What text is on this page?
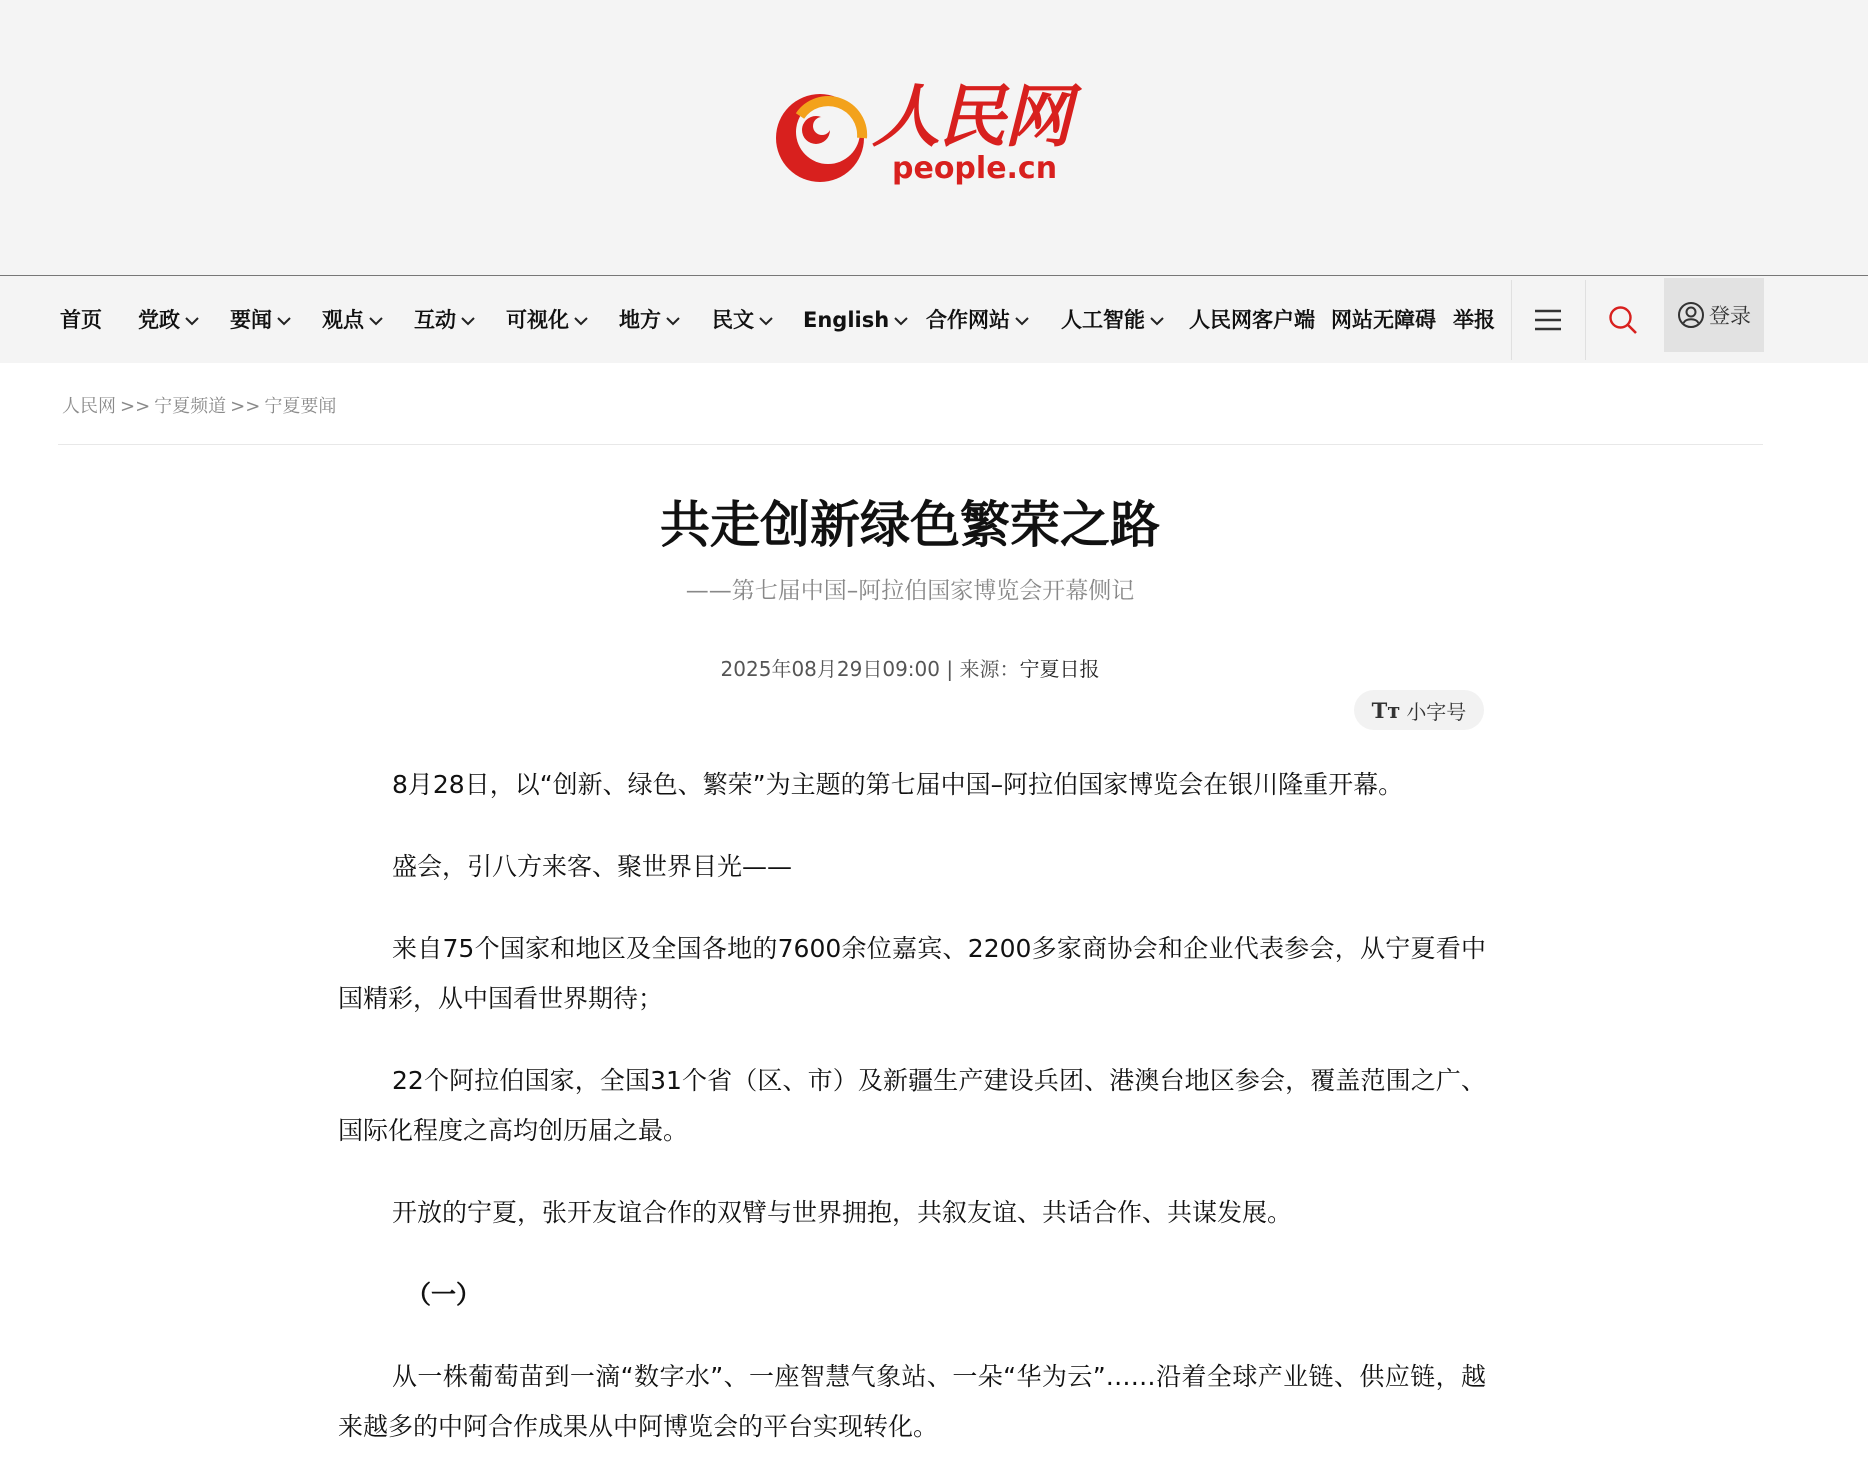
人民网
people.cn
首页 党政	要闻	观点	互动	可视化	地方	民文	English	合作网站	人工智能	人民网客户端 网站无障碍 举报	登录
人民网 >> 宁夏频道 >> 宁夏要闻
共走创新绿色繁荣之路
——第七届中国–阿拉伯国家博览会开幕侧记
2025年08月29日09:00 | 来源：宁夏日报
Tт 小字号

8月28日，以“创新、绿色、繁荣”为主题的第七届中国–阿拉伯国家博览会在银川隆重开幕。

盛会，引八方来客、聚世界目光——

来自75个国家和地区及全国各地的7600余位嘉宾、2200多家商协会和企业代表参会，从宁夏看中国精彩，从中国看世界期待；

22个阿拉伯国家，全国31个省（区、市）及新疆生产建设兵团、港澳台地区参会，覆盖范围之广、国际化程度之高均创历届之最。

开放的宁夏，张开友谊合作的双臂与世界拥抱，共叙友谊、共话合作、共谋发展。

（一）

从一株葡萄苗到一滴“数字水”、一座智慧气象站、一朵“华为云”……沿着全球产业链、供应链，越来越多的中阿合作成果从中阿博览会的平台实现转化。
